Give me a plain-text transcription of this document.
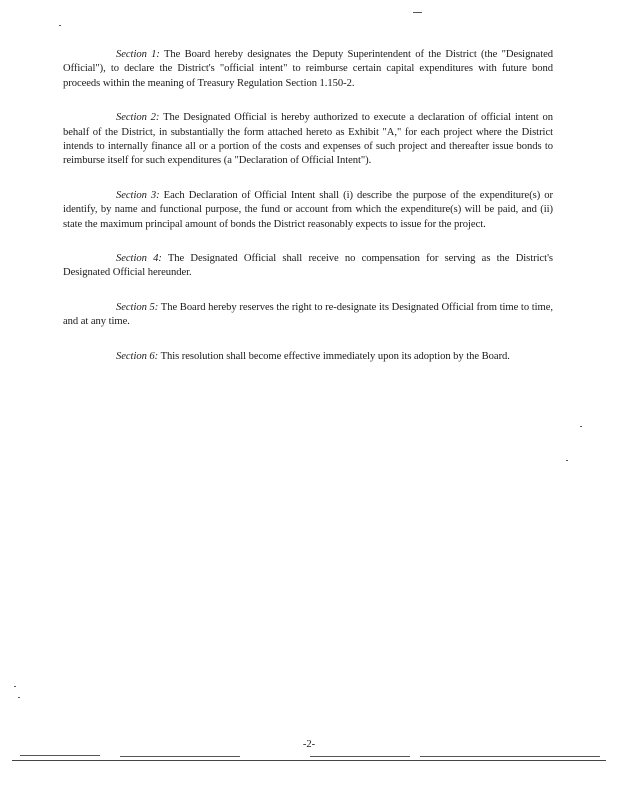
Section 1: The Board hereby designates the Deputy Superintendent of the District (the "Designated Official"), to declare the District's "official intent" to reimburse certain capital expenditures with future bond proceeds within the meaning of Treasury Regulation Section 1.150-2.

Section 2: The Designated Official is hereby authorized to execute a declaration of official intent on behalf of the District, in substantially the form attached hereto as Exhibit "A," for each project where the District intends to internally finance all or a portion of the costs and expenses of such project and thereafter issue bonds to reimburse itself for such expenditures (a "Declaration of Official Intent").

Section 3: Each Declaration of Official Intent shall (i) describe the purpose of the expenditure(s) or identify, by name and functional purpose, the fund or account from which the expenditure(s) will be paid, and (ii) state the maximum principal amount of bonds the District reasonably expects to issue for the project.

Section 4: The Designated Official shall receive no compensation for serving as the District's Designated Official hereunder.

Section 5: The Board hereby reserves the right to re-designate its Designated Official from time to time, and at any time.

Section 6: This resolution shall become effective immediately upon its adoption by the Board.

-2-
